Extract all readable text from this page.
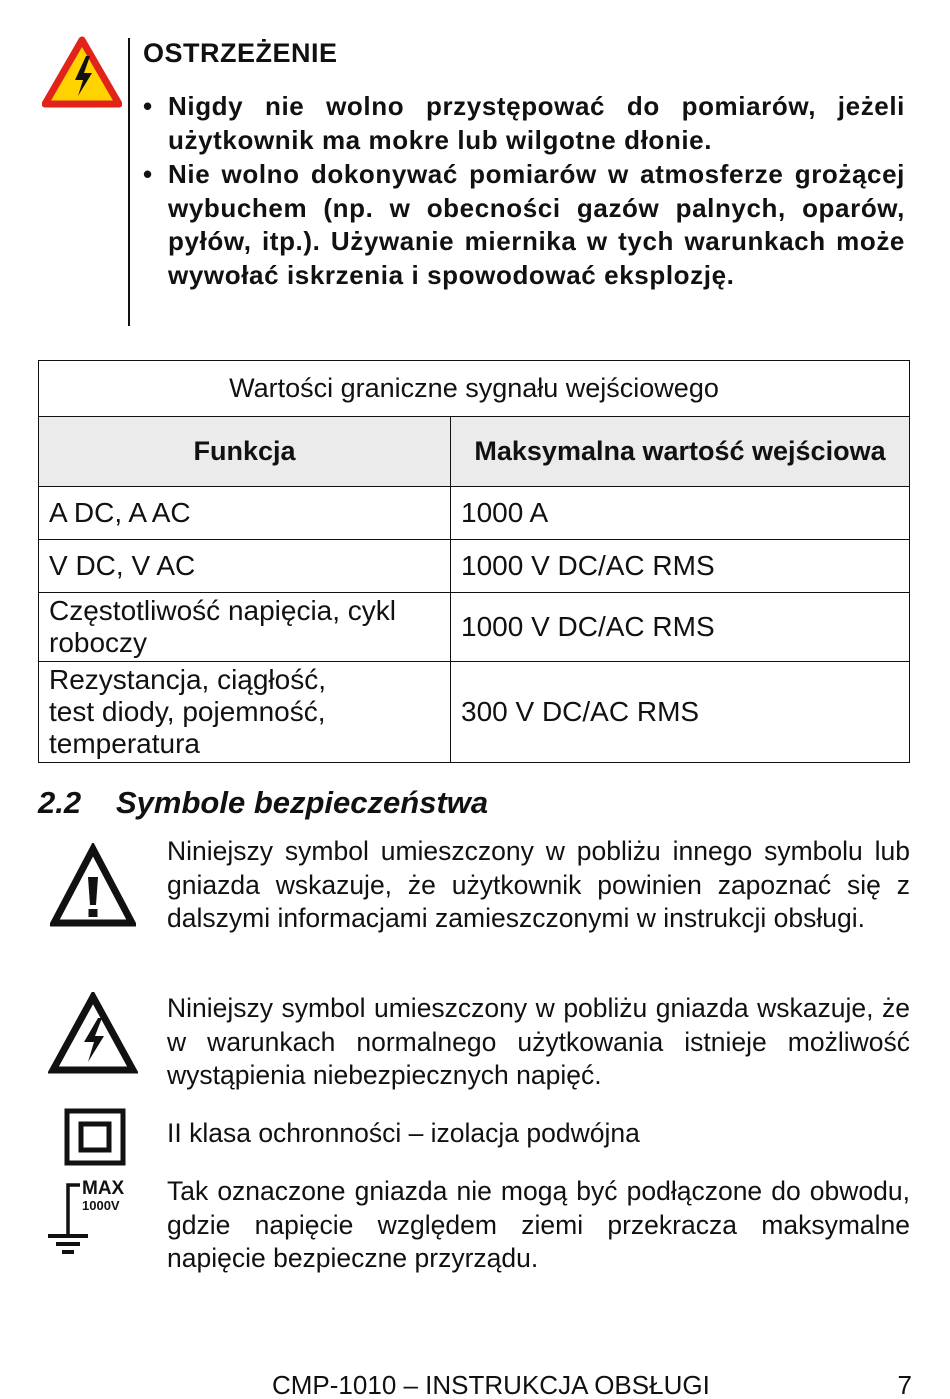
OSTRZEŻENIE
• Nigdy nie wolno przystępować do pomiarów, jeżeli użytkownik ma mokre lub wilgotne dłonie.
• Nie wolno dokonywać pomiarów w atmosferze grożącej wybuchem (np. w obecności gazów palnych, oparów, pyłów, itp.). Używanie miernika w tych warunkach może wywołać iskrzenia i spowodować eksplozję.
Wartości graniczne sygnału wejściowego	
Funkcja	Maksymalna wartość wejściowa
A DC, A AC	1000 A
V DC, V AC	1000 V DC/AC RMS
Częstotliwość napięcia, cykl roboczy	1000 V DC/AC RMS
Rezystancja, ciągłość, test diody, pojemność, temperatura	300 V DC/AC RMS
2.2 Symbole bezpieczeństwa
Niniejszy symbol umieszczony w pobliżu innego symbolu lub gniazda wskazuje, że użytkownik powinien zapoznać się z dalszymi informacjami zamieszczonymi w instrukcji obsługi.
Niniejszy symbol umieszczony w pobliżu gniazda wskazuje, że w warunkach normalnego użytkowania istnieje możliwość wystąpienia niebezpiecznych napięć.
II klasa ochronności – izolacja podwójna
MAX
1000V Tak oznaczone gniazda nie mogą być podłączone do obwodu, gdzie napięcie względem ziemi przekracza maksymalne napięcie bezpieczne przyrządu.
CMP-1010 – INSTRUKCJA OBSŁUGI	7
